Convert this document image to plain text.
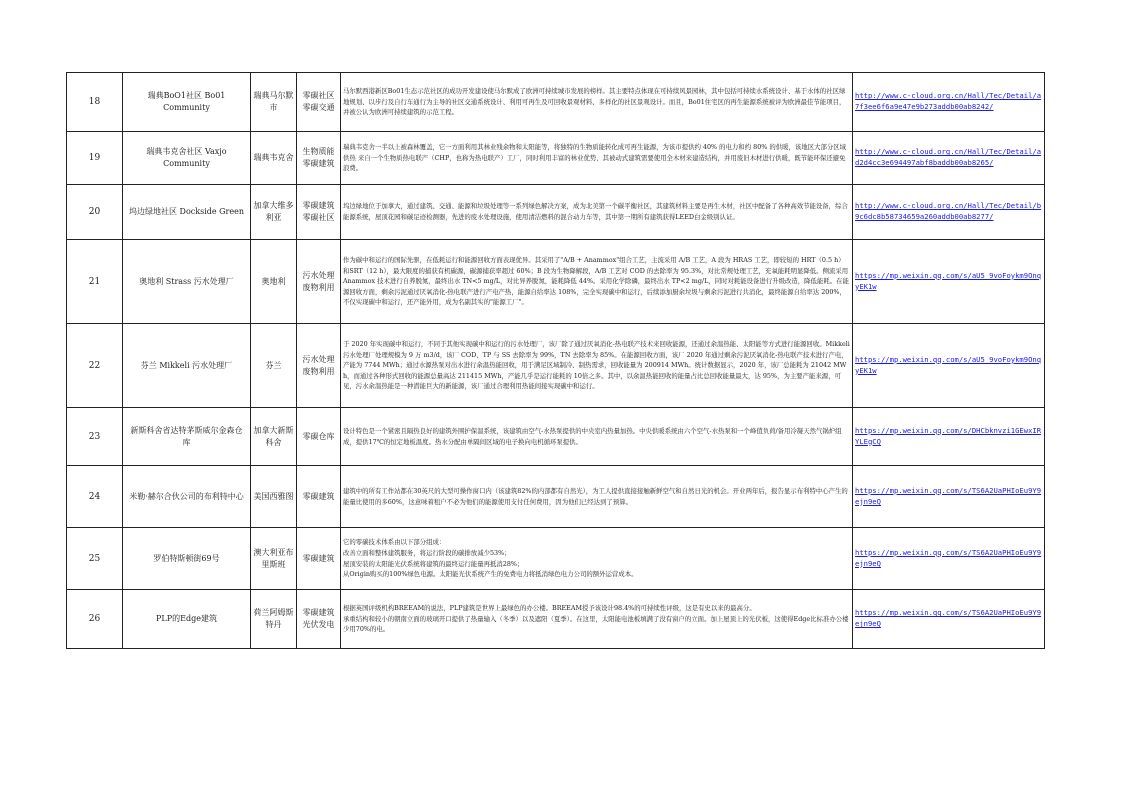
18	瑞典BoO1社区 Bo01 Community	瑞典马尔默市	零碳社区 零碳交通	马尔默西港新区Bo01生态示范社区的成功开发建设使马尔默成了欧洲可持续城市发展的榜样。其主要特点体现在可持续风景园林，其中包括可持续水系统设计、基于水体的社区绿地规划、以步行及自行车通行为主导的社区交通系统设计、利用可再生及可回收景观材料、多样化的社区景观设计。而且，Bo01住宅区的再生能源系统被评为欧洲最佳节能项目，并被公认为欧洲可持续建筑的示范工程。	http://www.c-cloud.org.cn/Hall/Tec/Detail/a7f3ee6f6a9e47e9b273addb00ab8242/
19	瑞典韦克舍社区 Vaxjo Community	瑞典韦克舍	生物质能 零碳建筑	瑞典韦克舍一半以上被森林覆盖，它一方面利用其林业残余物和太阳能等，将独特的生物质能转化成可再生能源，为该市提供约 40% 的电力和约 80% 的供暖，该地区大部分区域供热 来自一个生物质热电联产（CHP，也称为热电联产）工厂，同时利用丰富的林业优势，其被动式建筑需要使用全木材来建造结构，并用废旧木材进行供暖，既节能环保还避免浪费。	http://www.c-cloud.org.cn/Hall/Tec/Detail/ad2d4cc3e694497abf8baddb00ab8265/
20	坞边绿地社区 Dockside Green	加拿大维多利亚	零碳建筑 零碳社区	坞边绿地位于加拿大，通过建筑、交通、能源和垃圾处理等一系列绿色解决方案，成为北美第一个碳平衡社区，其建筑材料主要是再生木材，社区中配备了各种高效节能设备，综合能源系统，屋顶花园和碳足迹检测器，先进的废水处理设施，使用清洁燃料的混合动力车等，其中第一期所有建筑获得LEED白金级别认证。	http://www.c-cloud.org.cn/Hall/Tec/Detail/b9c6dc8b58734659a260addb00ab8277/
21	奥地利 Strass 污水处理厂	奥地利	污水处理 废物利用	作为碳中和运行的国际先驱，在低耗运行和能源回收方面表现优异。其采用了"A/B + Anammox"组合工艺，主流采用 A/B 工艺，A 段为 HRAS 工艺，即较短的 HRT（0.5 h）和SRT（12 h），最大限度的捕获有机碳源，碳源捕获率超过 60%；B 段为生物降解段，A/B 工艺对 COD 的去除率为 95.3%，对比常规处理工艺，充氧能耗明显降低。侧流采用 Anammox 技术进行自养脱氮，最终出水 TN<5 mg/L，对比异养脱氮，能耗降低 44%。采用化学除磷，最终出水 TP<2 mg/L，同时对耗能设备进行升级改造，降低能耗。在能源回收方面，剩余污泥通过厌氧消化-热电联产进行产电产热，能源自给率达 108%，完全实现碳中和运行，后续添加厨余垃圾与剩余污泥进行共消化，最终能源自给率达 200%，不仅实现碳中和运行，还产能外用，成为名副其实的"能源工厂"。	https://mp.weixin.qq.com/s/aU5_9voFoykm9OnqyEK1w
22	芬兰 Mikkeli 污水处理厂	芬兰	污水处理 废物利用	于 2020 年实现碳中和运行，不同于其他实现碳中和运行的污水处理厂，该厂除了通过厌氧消化-热电联产技术来回收能源，还通过余温热能、太阳能等方式进行能源回收。Mikkeli 污水处理厂处理规模为 9 万 m3/d，该厂 COD、TP 与 SS 去除率为 99%，TN 去除率为 85%。在能源回收方面，该厂 2020 年通过剩余污泥厌氧消化-热电联产技术进行产电，产能为 7744 MWh；通过水源热泵对出水进行余温热能回收，用于满足区域制冷、制热需求，回收能量为 200914 MWh。统计数据显示，2020 年，该厂总能耗为 21042 MWh，而通过各种形式回收的能源总量高达 211415 MWh，产能几乎是运行能耗的 10倍之多。其中，以余温热能回收的能量占比总回收能量最大，达 95%，为主要产能来源，可见，污水余温热能是一种潜能巨大的新能源，该厂通过合理利用热能间接实现碳中和运行。	https://mp.weixin.qq.com/s/aU5_9voFoykm9OnqyEK1w
23	新斯科舍省达特茅斯威尔金森仓库	加拿大新斯科舍	零碳仓库	设计特色是一个紧密且隔热良好的建筑外围护保温系统，该建筑由空气-水热泵提供的中央室内热量加热。中央供暖系统由六个空气-水热泵和一个峰值负荷/备用冷凝天然气锅炉组成，提供17℃的恒定地板温度。热水分配由单隔间区域的电子换向电机循环泵提供。	https://mp.weixin.qq.com/s/DHCbknvzi1GEwxIRYLEgCQ
24	米勒·赫尔合伙公司的布利特中心	美国西雅图	零碳建筑	建筑中的所有工作站都在30英尺的大型可操作窗口内（该建筑82%的内部都有自然光），为工人提供直接接触新鲜空气和自然日光的机会。开业两年后，报告显示布利特中心产生的能量比使用的多60%，这意味着租户不必为他们的能源使用支付任何费用，因为他们已经达到了预算。	https://mp.weixin.qq.com/s/TS6A2UaPHIoEu9Y9ejn9eQ
25	罗伯特斯顿街69号	澳大利亚布里斯班	零碳建筑	它的零碳技术体系由以下部分组成：
改善立面和整体建筑服务，将运行阶段的碳排放减少53%；
屋顶安装的太阳能光伏系统将建筑的最终运行能量再抵消28%；
从Origin购买的100%绿色电源。太阳能光伏系统产生的免费电力将抵消绿色电力公司的额外运营成本。	https://mp.weixin.qq.com/s/TS6A2UaPHIoEu9Y9ejn9eQ
26	PLP的Edge建筑	荷兰阿姆斯特丹	零碳建筑 光伏发电	根据英国评级机构BREEAM的说法，PLP建筑是世界上最绿色的办公楼。BREEAM授予该设计98.4%的可持续性评级，这是有史以来的最高分。
承重结构和较小的朝南立面的玻璃开口提供了热量输入（冬季）以及遮阳（夏季）。在这里，太阳能电池板填满了没有窗户的立面。加上屋顶上的光伏板，这使得Edge比标准办公楼少用70%的电。	https://mp.weixin.qq.com/s/TS6A2UaPHIoEu9Y9ejn9eQ
